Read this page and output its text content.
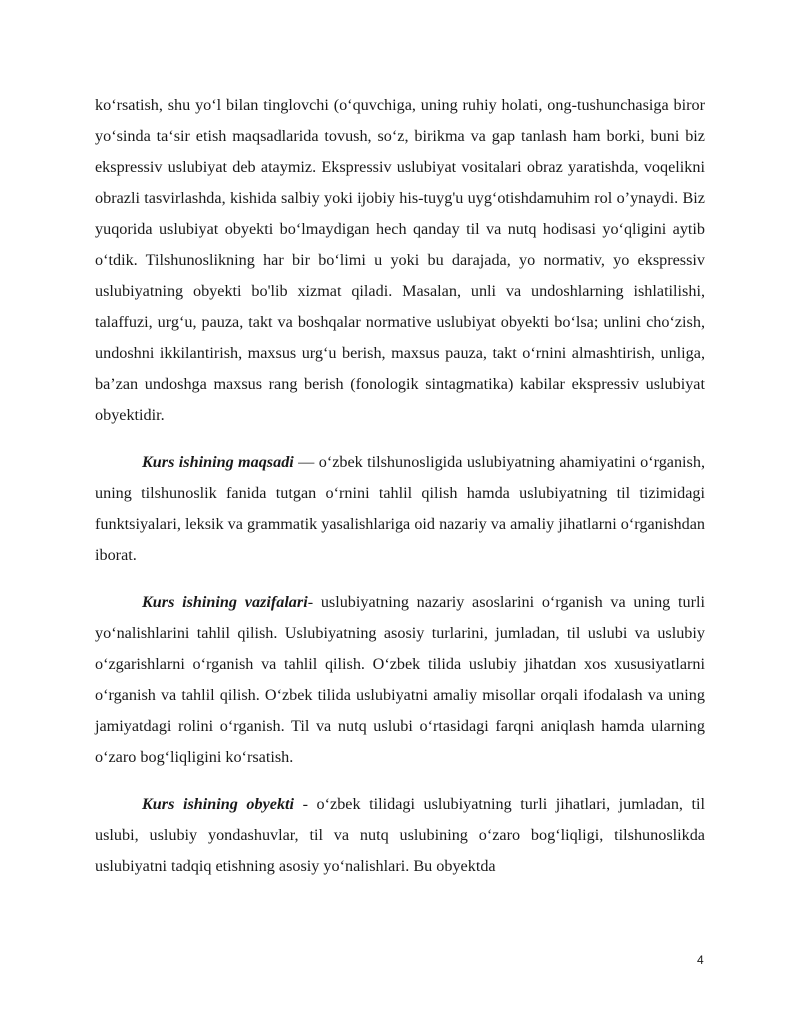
ko‘rsatish, shu yo‘l bilan tinglovchi (o‘quvchiga, uning ruhiy holati, ong-tushunchasiga biror yo‘sinda ta‘sir etish maqsadlarida tovush, so‘z, birikma va gap tanlash ham borki, buni biz ekspressiv uslubiyat deb ataymiz. Ekspressiv uslubiyat vositalari obraz yaratishda, voqelikni obrazli tasvirlashda, kishida salbiy yoki ijobiy his-tuyg'u uyg‘otishdamuhim rol o’ynaydi. Biz yuqorida uslubiyat obyekti bo‘lmaydigan hech qanday til va nutq hodisasi yo‘qligini aytib o‘tdik. Tilshunoslikning har bir bo‘limi u yoki bu darajada, yo normativ, yo ekspressiv uslubiyatning obyekti bo'lib xizmat qiladi. Masalan, unli va undoshlarning ishlatilishi, talaffuzi, urg‘u, pauza, takt va boshqalar normative uslubiyat obyekti bo‘lsa; unlini cho‘zish, undoshni ikkilantirish, maxsus urg‘u berish, maxsus pauza, takt o‘rnini almashtirish, unliga, ba’zan undoshga maxsus rang berish (fonologik sintagmatika) kabilar ekspressiv uslubiyat obyektidir.

Kurs ishining maqsadi — o‘zbek tilshunosligida uslubiyatning ahamiyatini o‘rganish, uning tilshunoslik fanida tutgan o‘rnini tahlil qilish hamda uslubiyatning til tizimidagi funktsiyalari, leksik va grammatik yasalishlariga oid nazariy va amaliy jihatlarni o‘rganishdan iborat.

Kurs ishining vazifalari- uslubiyatning nazariy asoslarini o‘rganish va uning turli yo‘nalishlarini tahlil qilish. Uslubiyatning asosiy turlarini, jumladan, til uslubi va uslubiy o‘zgarishlarni o‘rganish va tahlil qilish. O‘zbek tilida uslubiy jihatdan xos xususiyatlarni o‘rganish va tahlil qilish. O‘zbek tilida uslubiyatni amaliy misollar orqali ifodalash va uning jamiyatdagi rolini o‘rganish. Til va nutq uslubi o‘rtasidagi farqni aniqlash hamda ularning o‘zaro bog‘liqligini ko‘rsatish.

Kurs ishining obyekti - o‘zbek tilidagi uslubiyatning turli jihatlari, jumladan, til uslubi, uslubiy yondashuvlar, til va nutq uslubining o‘zaro bog‘liqligi, tilshunoslikda uslubiyatni tadqiq etishning asosiy yo‘nalishlari. Bu obyektda

4
